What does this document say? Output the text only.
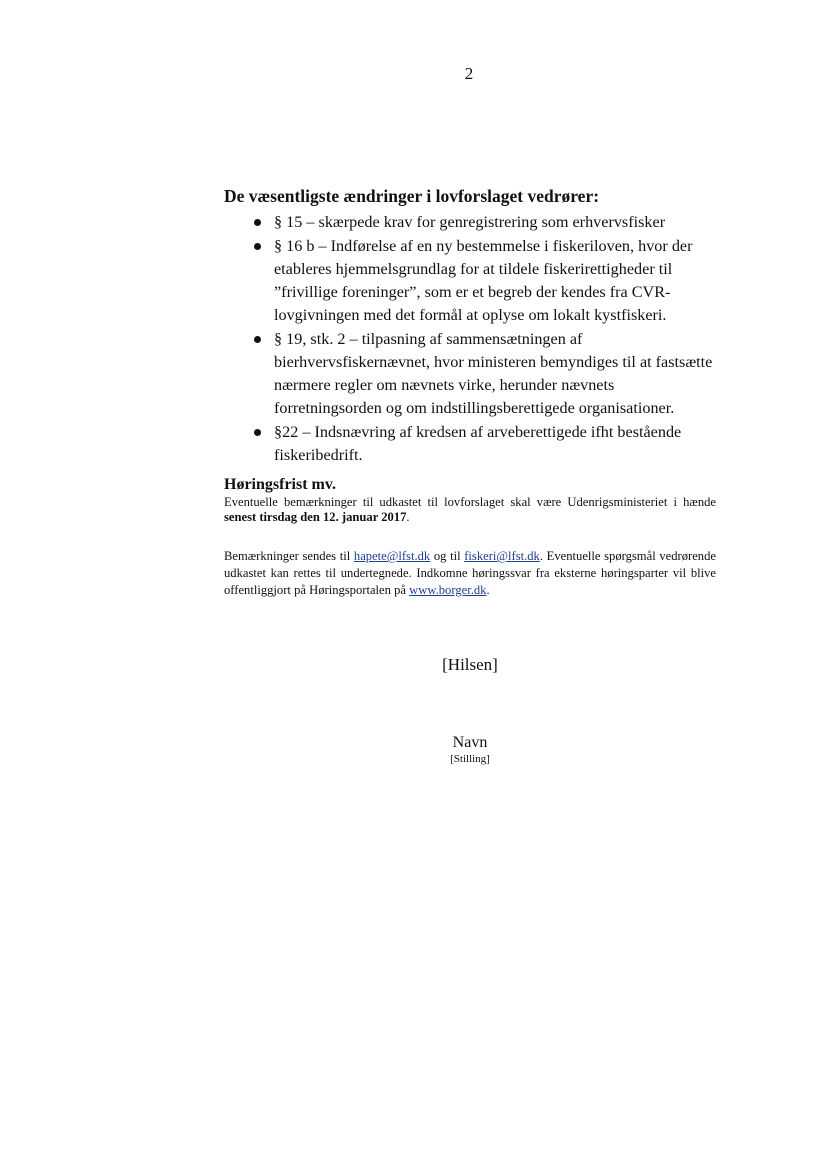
2

De væsentligste ændringer i lovforslaget vedrører:

§ 15 – skærpede krav for genregistrering som erhvervsfisker
§ 16 b – Indførelse af en ny bestemmelse i fiskeriloven, hvor der etableres hjemmelsgrundlag for at tildele fiskerirettigheder til ”frivillige foreninger”, som er et begreb der kendes fra CVR-lovgivningen med det formål at oplyse om lokalt kystfiskeri.
§ 19, stk. 2 – tilpasning af sammensætningen af bierhvervsfiskernævnet, hvor ministeren bemyndiges til at fastsætte nærmere regler om nævnets virke, herunder nævnets forretningsorden og om indstillingsberettigede organisationer.
§22 – Indsnævring af kredsen af arveberettigede ifht bestående fiskeribedrift.

Høringsfrist mv.

Eventuelle bemærkninger til udkastet til lovforslaget skal være Udenrigsministeriet i hænde senest tirsdag den 12. januar 2017.

Bemærkninger sendes til hapete@lfst.dk og til fiskeri@lfst.dk. Eventuelle spørgsmål vedrørende udkastet kan rettes til undertegnede. Indkomne høringssvar fra eksterne høringsparter vil blive offentliggjort på Høringsportalen på www.borger.dk.

[Hilsen]
Navn
[Stilling]
